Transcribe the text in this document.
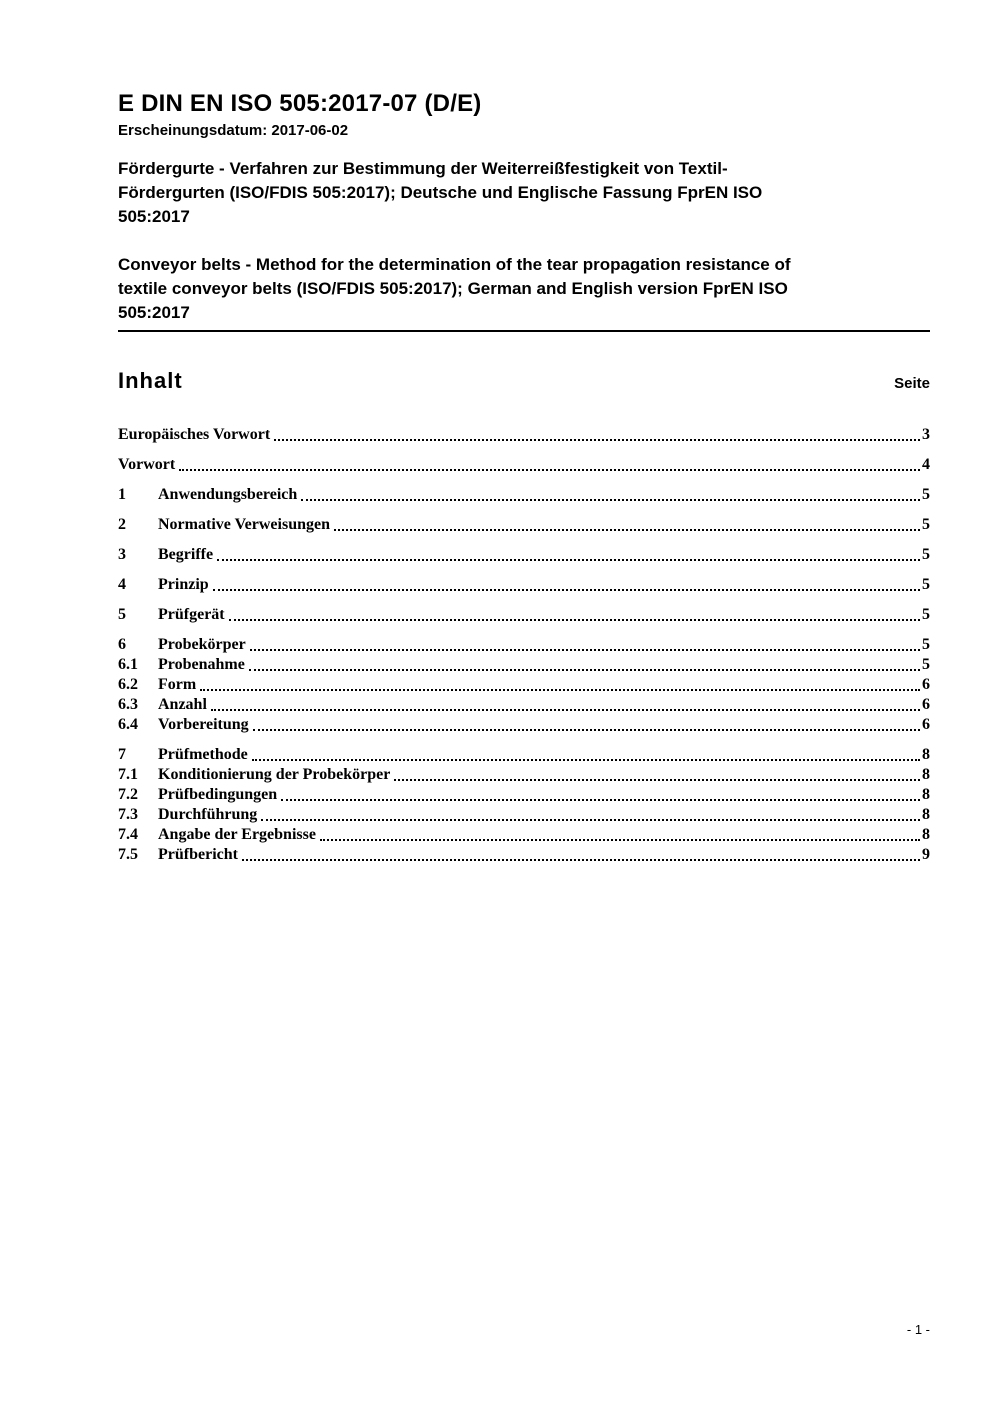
E DIN EN ISO 505:2017-07 (D/E)
Erscheinungsdatum: 2017-06-02
Fördergurte - Verfahren zur Bestimmung der Weiterreißfestigkeit von Textil-
Fördergurten (ISO/FDIS 505:2017); Deutsche und Englische Fassung FprEN ISO
505:2017
Conveyor belts - Method for the determination of the tear propagation resistance of
textile conveyor belts (ISO/FDIS 505:2017); German and English version FprEN ISO
505:2017
Inhalt	Seite
Europäisches Vorwort	3
Vorwort	4
1	Anwendungsbereich	5
2	Normative Verweisungen	5
3	Begriffe	5
4	Prinzip	5
5	Prüfgerät	5
6	Probekörper	5
6.1	Probenahme	5
6.2	Form	6
6.3	Anzahl	6
6.4	Vorbereitung	6
7	Prüfmethode	8
7.1	Konditionierung der Probekörper	8
7.2	Prüfbedingungen	8
7.3	Durchführung	8
7.4	Angabe der Ergebnisse	8
7.5	Prüfbericht	9
- 1 -
